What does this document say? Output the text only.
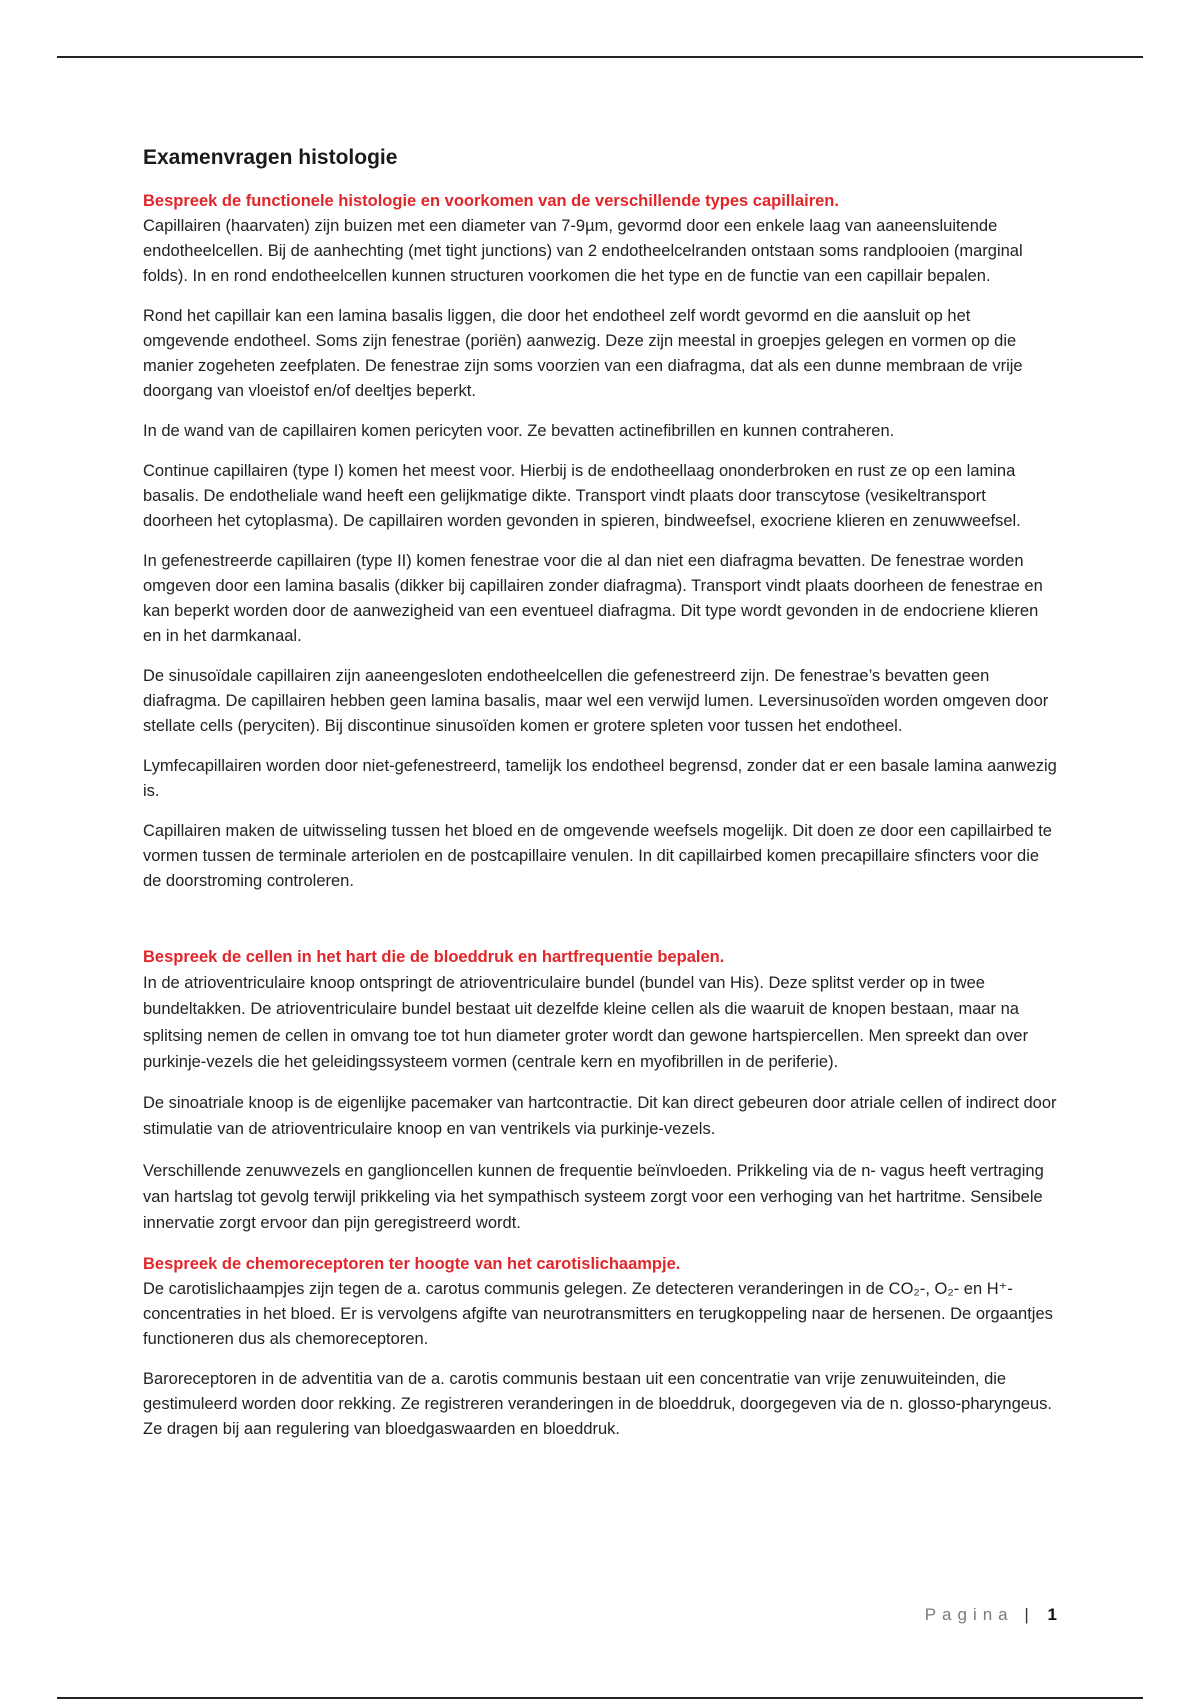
Examenvragen histologie

Bespreek de functionele histologie en voorkomen van de verschillende types capillairen.

Capillairen (haarvaten) zijn buizen met een diameter van 7-9µm, gevormd door een enkele laag van aaneensluitende endotheelcellen. Bij de aanhechting (met tight junctions) van 2 endotheelcelranden ontstaan soms randplooien (marginal folds). In en rond endotheelcellen kunnen structuren voorkomen die het type en de functie van een capillair bepalen.

Rond het capillair kan een lamina basalis liggen, die door het endotheel zelf wordt gevormd en die aansluit op het omgevende endotheel. Soms zijn fenestrae (poriën) aanwezig. Deze zijn meestal in groepjes gelegen en vormen op die manier zogeheten zeefplaten. De fenestrae zijn soms voorzien van een diafragma, dat als een dunne membraan de vrije doorgang van vloeistof en/of deeltjes beperkt.

In de wand van de capillairen komen pericyten voor. Ze bevatten actinefibrillen en kunnen contraheren.

Continue capillairen (type I) komen het meest voor. Hierbij is de endotheellaag ononderbroken en rust ze op een lamina basalis. De endotheliale wand heeft een gelijkmatige dikte. Transport vindt plaats door transcytose (vesikeltransport doorheen het cytoplasma). De capillairen worden gevonden in spieren, bindweefsel, exocriene klieren en zenuwweefsel.

In gefenestreerde capillairen (type II) komen fenestrae voor die al dan niet een diafragma bevatten. De fenestrae worden omgeven door een lamina basalis (dikker bij capillairen zonder diafragma). Transport vindt plaats doorheen de fenestrae en kan beperkt worden door de aanwezigheid van een eventueel diafragma. Dit type wordt gevonden in de endocriene klieren en in het darmkanaal.

De sinusoïdale capillairen zijn aaneengesloten endotheelcellen die gefenestreerd zijn. De fenestrae’s bevatten geen diafragma. De capillairen hebben geen lamina basalis, maar wel een verwijd lumen. Leversinusoïden worden omgeven door stellate cells (peryciten). Bij discontinue sinusoïden komen er grotere spleten voor tussen het endotheel.

Lymfecapillairen worden door niet-gefenestreerd, tamelijk los endotheel begrensd, zonder dat er een basale lamina aanwezig is.

Capillairen maken de uitwisseling tussen het bloed en de omgevende weefsels mogelijk. Dit doen ze door een capillairbed te vormen tussen de terminale arteriolen en de postcapillaire venulen. In dit capillairbed komen precapillaire sfincters voor die de doorstroming controleren.

Bespreek de cellen in het hart die de bloeddruk en hartfrequentie bepalen.

In de atrioventriculaire knoop ontspringt de atrioventriculaire bundel (bundel van His). Deze splitst verder op in twee bundeltakken. De atrioventriculaire bundel bestaat uit dezelfde kleine cellen als die waaruit de knopen bestaan, maar na splitsing nemen de cellen in omvang toe tot hun diameter groter wordt dan gewone hartspiercellen. Men spreekt dan over purkinje-vezels die het geleidingssysteem vormen (centrale kern en myofibrillen in de periferie).

De sinoatriale knoop is de eigenlijke pacemaker van hartcontractie. Dit kan direct gebeuren door atriale cellen of indirect door stimulatie van de atrioventriculaire knoop en van ventrikels via purkinje-vezels.

Verschillende zenuwvezels en ganglioncellen kunnen de frequentie beïnvloeden. Prikkeling via de n- vagus heeft vertraging van hartslag tot gevolg terwijl prikkeling via het sympathisch systeem zorgt voor een verhoging van het hartritme. Sensibele innervatie zorgt ervoor dan pijn geregistreerd wordt.

Bespreek de chemoreceptoren ter hoogte van het carotislichaampje.

De carotislichaampjes zijn tegen de a. carotus communis gelegen. Ze detecteren veranderingen in de CO₂-, O₂- en H⁺-concentraties in het bloed. Er is vervolgens afgifte van neurotransmitters en terugkoppeling naar de hersenen. De orgaantjes functioneren dus als chemoreceptoren.

Baroreceptoren in de adventitia van de a. carotis communis bestaan uit een concentratie van vrije zenuwuiteinden, die gestimuleerd worden door rekking. Ze registreren veranderingen in de bloeddruk, doorgegeven via de n. glosso-pharyngeus. Ze dragen bij aan regulering van bloedgaswaarden en bloeddruk.

Pagina | 1
